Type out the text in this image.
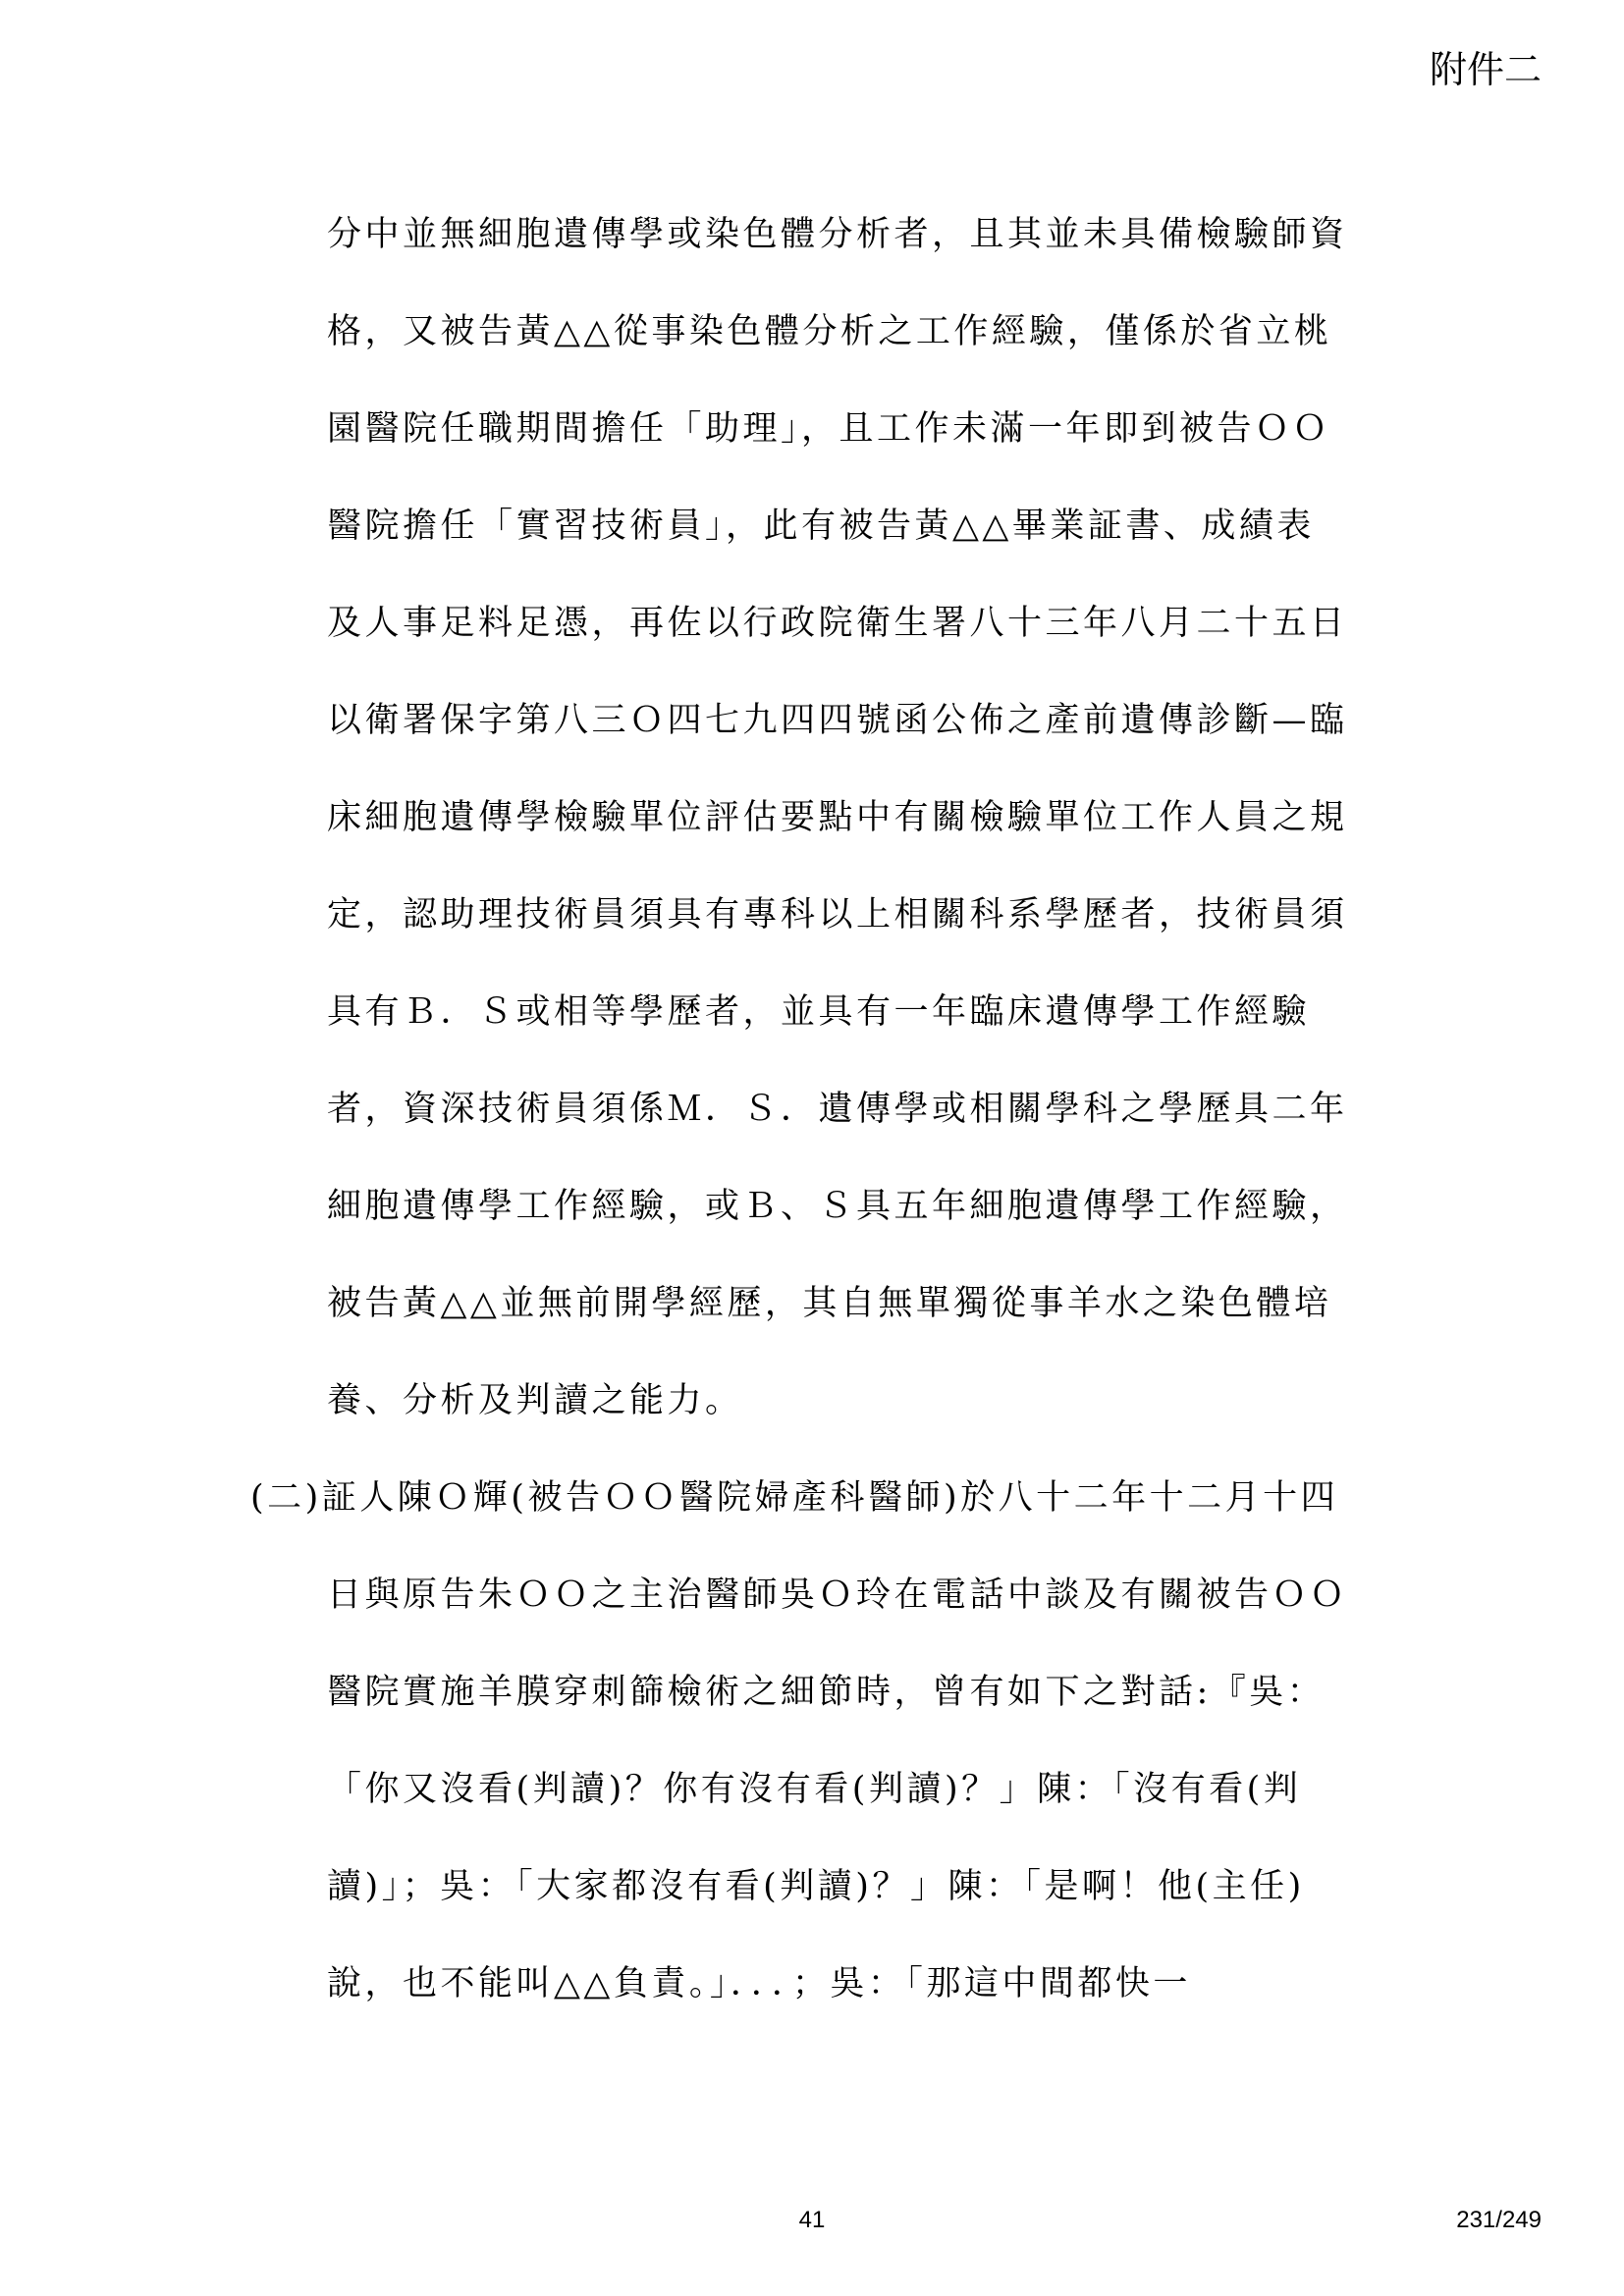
附件二
分中並無細胞遺傳學或染色體分析者，且其並未具備檢驗師資
格，又被告黃△△從事染色體分析之工作經驗，僅係於省立桃
園醫院任職期間擔任「助理」，且工作未滿一年即到被告ＯＯ
醫院擔任「實習技術員」，此有被告黃△△畢業証書、成績表
及人事足料足憑，再佐以行政院衛生署八十三年八月二十五日
以衛署保字第八三Ｏ四七九四四號函公佈之產前遺傳診斷—臨
床細胞遺傳學檢驗單位評估要點中有關檢驗單位工作人員之規
定，認助理技術員須具有專科以上相關科系學歷者，技術員須
具有Ｂ．Ｓ或相等學歷者，並具有一年臨床遺傳學工作經驗
者，資深技術員須係Ｍ．Ｓ．遺傳學或相關學科之學歷具二年
細胞遺傳學工作經驗，或Ｂ、Ｓ具五年細胞遺傳學工作經驗，
被告黃△△並無前開學經歷，其自無單獨從事羊水之染色體培
養、分析及判讀之能力。
(二)証人陳Ｏ輝(被告ＯＯ醫院婦產科醫師)於八十二年十二月十四
日與原告朱ＯＯ之主治醫師吳Ｏ玲在電話中談及有關被告ＯＯ
醫院實施羊膜穿刺篩檢術之細節時，曾有如下之對話:『吳：
「你又沒看(判讀)？你有沒有看(判讀)？」陳：「沒有看(判
讀)」；吳：「大家都沒有看(判讀)？」陳：「是啊！他(主任)
說，也不能叫△△負責。」．．．；吳：「那這中間都快一
41	231/249
